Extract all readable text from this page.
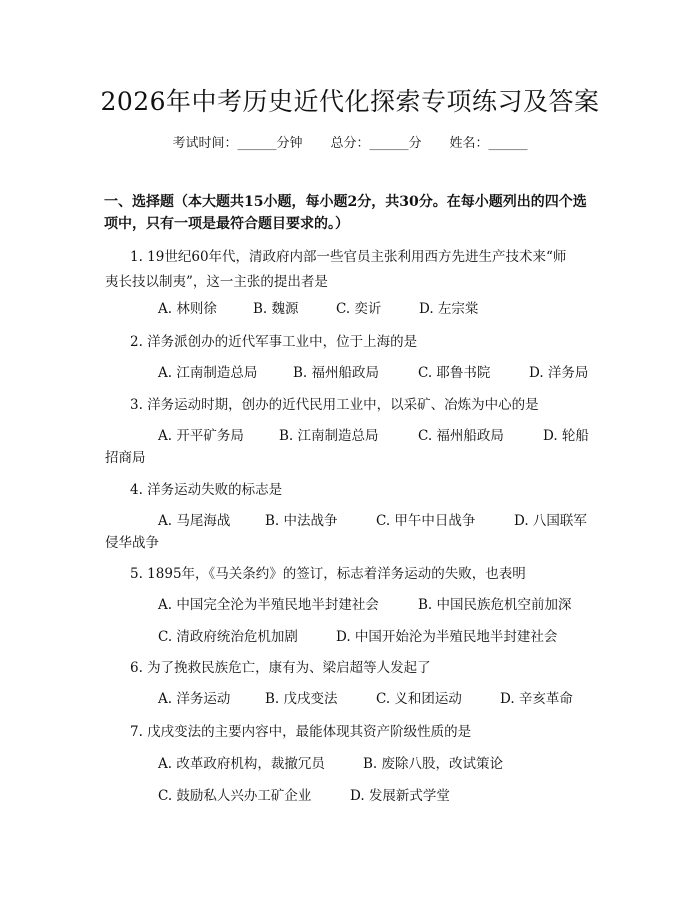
2026年中考历史近代化探索专项练习及答案
考试时间：______分钟 总分：______分 姓名：______
一、选择题（本大题共15小题，每小题2分，共30分。在每小题列出的四个选
项中，只有一项是最符合题目要求的。）
1. 19世纪60年代，清政府内部一些官员主张利用西方先进生产技术来“师
夷长技以制夷”，这一主张的提出者是
A. 林则徐	B. 魏源	C. 奕䜣	D. 左宗棠
2. 洋务派创办的近代军事工业中，位于上海的是
A. 江南制造总局	B. 福州船政局	C. 耶鲁书院	D. 洋务局
3. 洋务运动时期，创办的近代民用工业中，以采矿、冶炼为中心的是
A. 开平矿务局	B. 江南制造总局	C. 福州船政局	D. 轮船
招商局
4. 洋务运动失败的标志是
A. 马尾海战	B. 中法战争	C. 甲午中日战争	D. 八国联军
侵华战争
5. 1895年，《马关条约》的签订，标志着洋务运动的失败，也表明
A. 中国完全沦为半殖民地半封建社会	B. 中国民族危机空前加深
C. 清政府统治危机加剧	D. 中国开始沦为半殖民地半封建社会
6. 为了挽救民族危亡，康有为、梁启超等人发起了
A. 洋务运动	B. 戊戌变法	C. 义和团运动	D. 辛亥革命
7. 戊戌变法的主要内容中，最能体现其资产阶级性质的是
A. 改革政府机构，裁撤冗员	B. 废除八股，改试策论
C. 鼓励私人兴办工矿企业	D. 发展新式学堂
